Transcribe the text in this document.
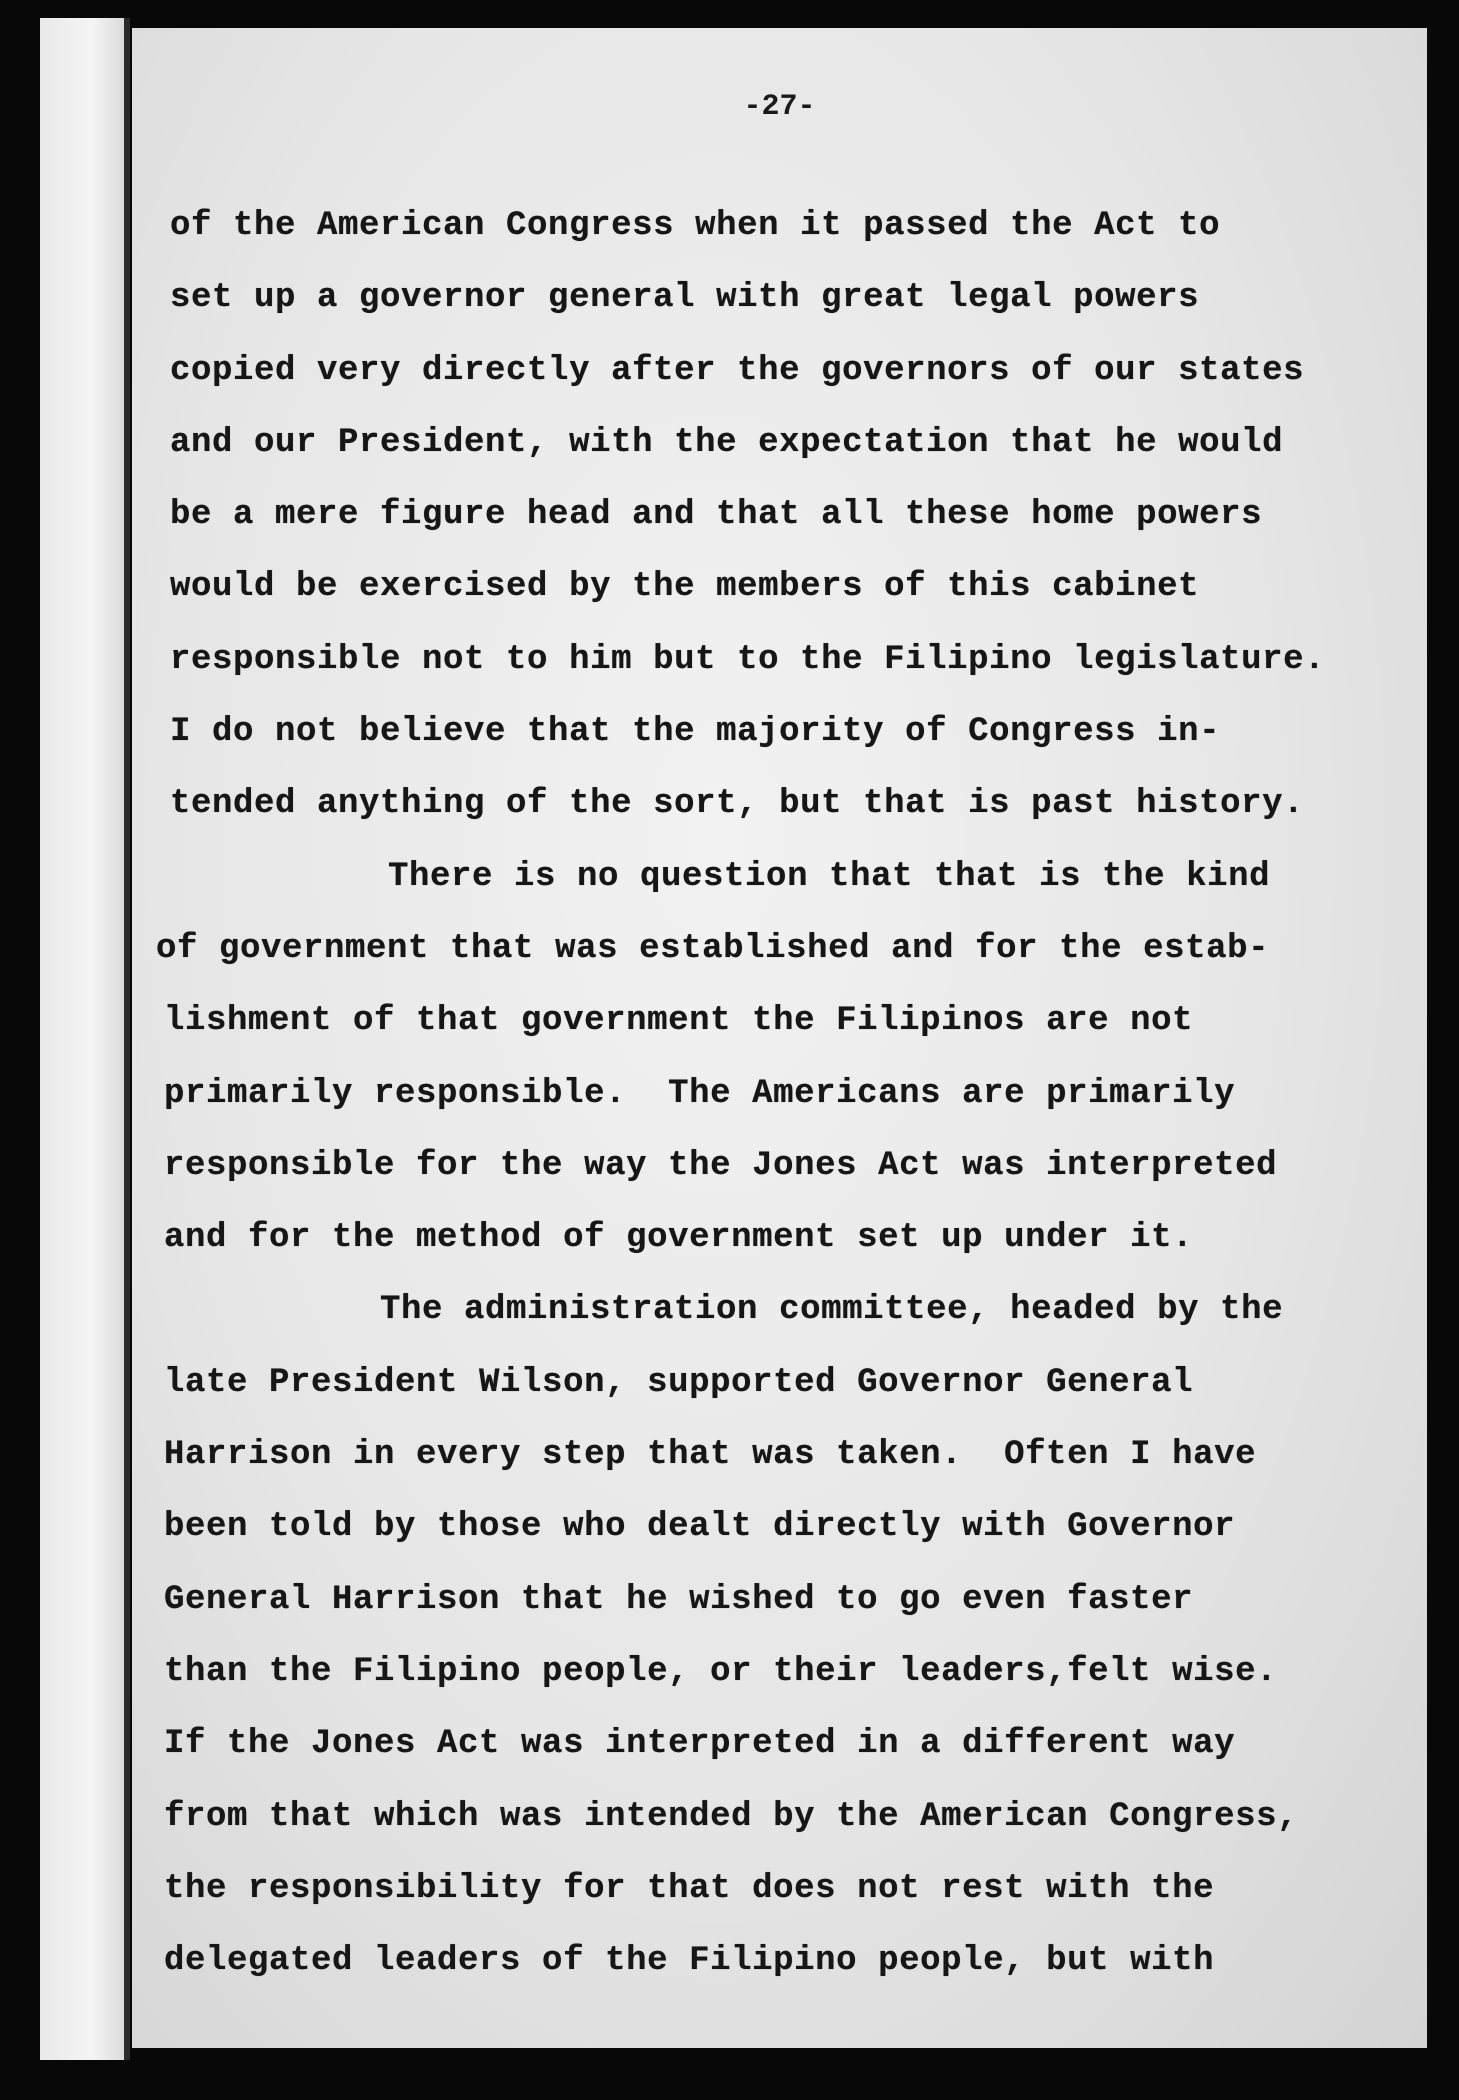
-27-
of the American Congress when it passed the Act to
set up a governor general with great legal powers
copied very directly after the governors of our states
and our President, with the expectation that he would
be a mere figure head and that all these home powers
would be exercised by the members of this cabinet
responsible not to him but to the Filipino legislature.
I do not believe that the majority of Congress in-
tended anything of the sort, but that is past history.
There is no question that that is the kind
of government that was established and for the estab-
lishment of that government the Filipinos are not
primarily responsible.  The Americans are primarily
responsible for the way the Jones Act was interpreted
and for the method of government set up under it.
The administration committee, headed by the
late President Wilson, supported Governor General
Harrison in every step that was taken.  Often I have
been told by those who dealt directly with Governor
General Harrison that he wished to go even faster
than the Filipino people, or their leaders,felt wise.
If the Jones Act was interpreted in a different way
from that which was intended by the American Congress,
the responsibility for that does not rest with the
delegated leaders of the Filipino people, but with
